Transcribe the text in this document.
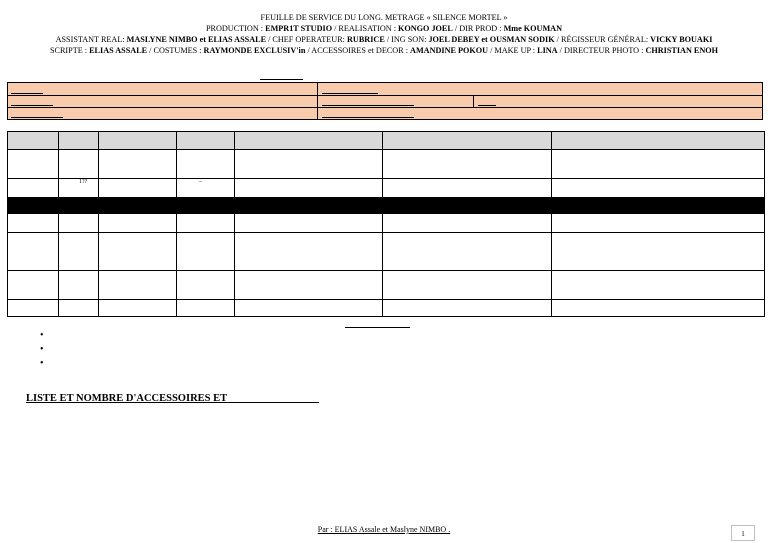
FEUILLE DE SERVICE DU LONG. METRAGE « SILENCE MORTEL »
PRODUCTION : EMPR1T STUDIO / REALISATION : KONGO JOEL / DIR PROD : Mme KOUMAN
ASSISTANT REAL: MASLYNE NIMBO et ELIAS ASSALE / CHEF OPERATEUR: RUBRICE / ING SON: JOEL DEBEY et OUSMAN SODIK / RÉGISSEUR GÉNÉRAL: VICKY BOUAKI
SCRIPTE : ELIAS ASSALE / COSTUMES : RAYMONDE EXCLUSIV'in / ACCESSOIRES et DECOR : AMANDINE POKOU / MAKE UP : LINA / DIRECTEUR PHOTO : CHRISTIAN ENOH

	1??		–			

•
•
•
LISTE ET NOMBRE D'ACCESSOIRES ET
Par : ELIAS Assale et Maslyne NIMBO .	1
